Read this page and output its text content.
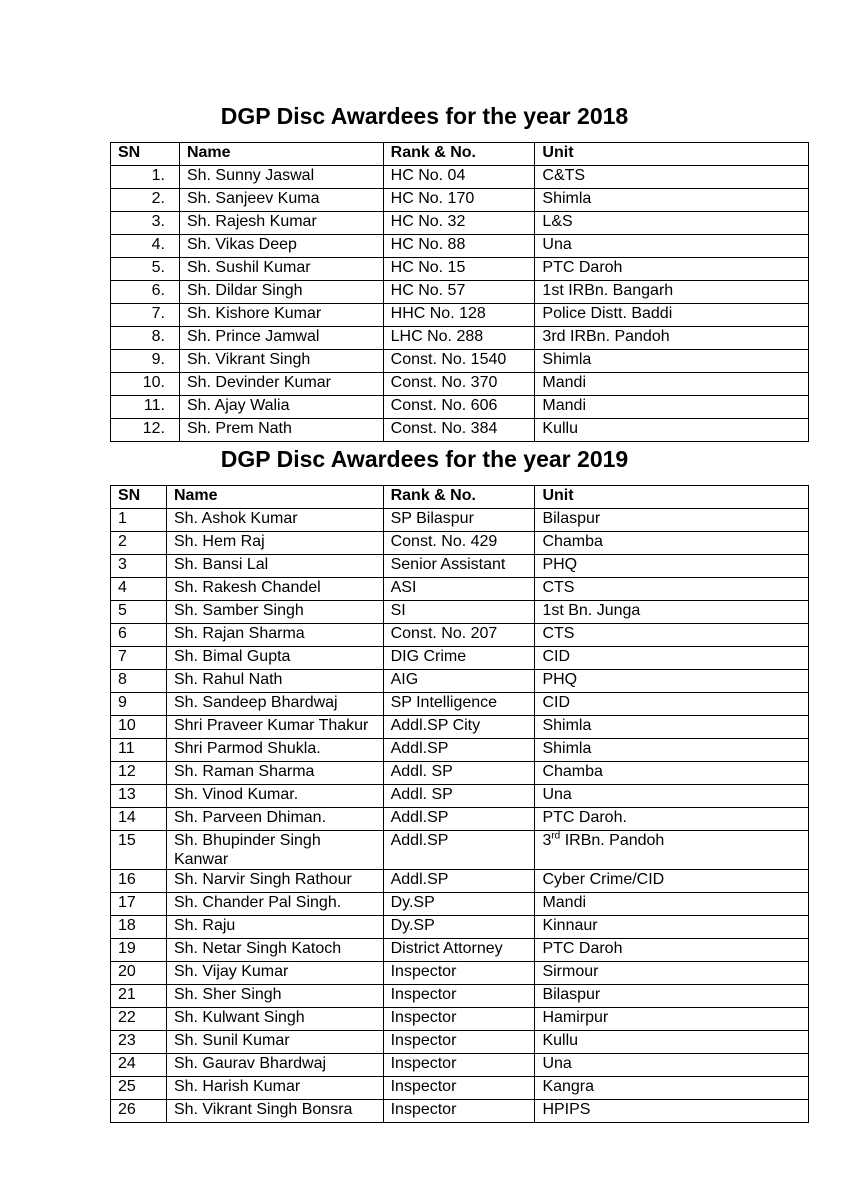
DGP Disc Awardees for the year 2018
SN	Name	Rank & No.	Unit
1.	Sh. Sunny Jaswal	HC No. 04	C&TS
2.	Sh. Sanjeev Kuma	HC No. 170	Shimla
3.	Sh. Rajesh Kumar	HC No. 32	L&S
4.	Sh. Vikas Deep	HC No. 88	Una
5.	Sh. Sushil Kumar	HC No. 15	PTC Daroh
6.	Sh. Dildar Singh	HC No. 57	1st IRBn. Bangarh
7.	Sh. Kishore Kumar	HHC No. 128	Police Distt. Baddi
8.	Sh. Prince Jamwal	LHC No. 288	3rd IRBn. Pandoh
9.	Sh. Vikrant Singh	Const. No. 1540	Shimla
10.	Sh. Devinder Kumar	Const. No. 370	Mandi
11.	Sh. Ajay Walia	Const. No. 606	Mandi
12.	Sh. Prem Nath	Const. No. 384	Kullu
DGP Disc Awardees for the year 2019
SN	Name	Rank & No.	Unit
1	Sh. Ashok Kumar	SP Bilaspur	Bilaspur
2	Sh. Hem Raj	Const. No. 429	Chamba
3	Sh. Bansi Lal	Senior Assistant	PHQ
4	Sh. Rakesh Chandel	ASI	CTS
5	Sh. Samber Singh	SI	1st Bn. Junga
6	Sh. Rajan Sharma	Const. No. 207	CTS
7	Sh. Bimal Gupta	DIG Crime	CID
8	Sh. Rahul Nath	AIG	PHQ
9	Sh. Sandeep Bhardwaj	SP Intelligence	CID
10	Shri Praveer Kumar Thakur	Addl.SP City	Shimla
11	Shri Parmod Shukla.	Addl.SP	Shimla
12	Sh. Raman Sharma	Addl. SP	Chamba
13	Sh. Vinod Kumar.	Addl. SP	Una
14	Sh. Parveen Dhiman.	Addl.SP	PTC Daroh.
15	Sh. Bhupinder Singh Kanwar	Addl.SP	3rd IRBn. Pandoh
16	Sh. Narvir Singh Rathour	Addl.SP	Cyber Crime/CID
17	Sh. Chander Pal Singh.	Dy.SP	Mandi
18	Sh. Raju	Dy.SP	Kinnaur
19	Sh. Netar Singh Katoch	District Attorney	PTC Daroh
20	Sh. Vijay Kumar	Inspector	Sirmour
21	Sh. Sher Singh	Inspector	Bilaspur
22	Sh. Kulwant Singh	Inspector	Hamirpur
23	Sh. Sunil Kumar	Inspector	Kullu
24	Sh. Gaurav Bhardwaj	Inspector	Una
25	Sh. Harish Kumar	Inspector	Kangra
26	Sh. Vikrant Singh Bonsra	Inspector	HPIPS
